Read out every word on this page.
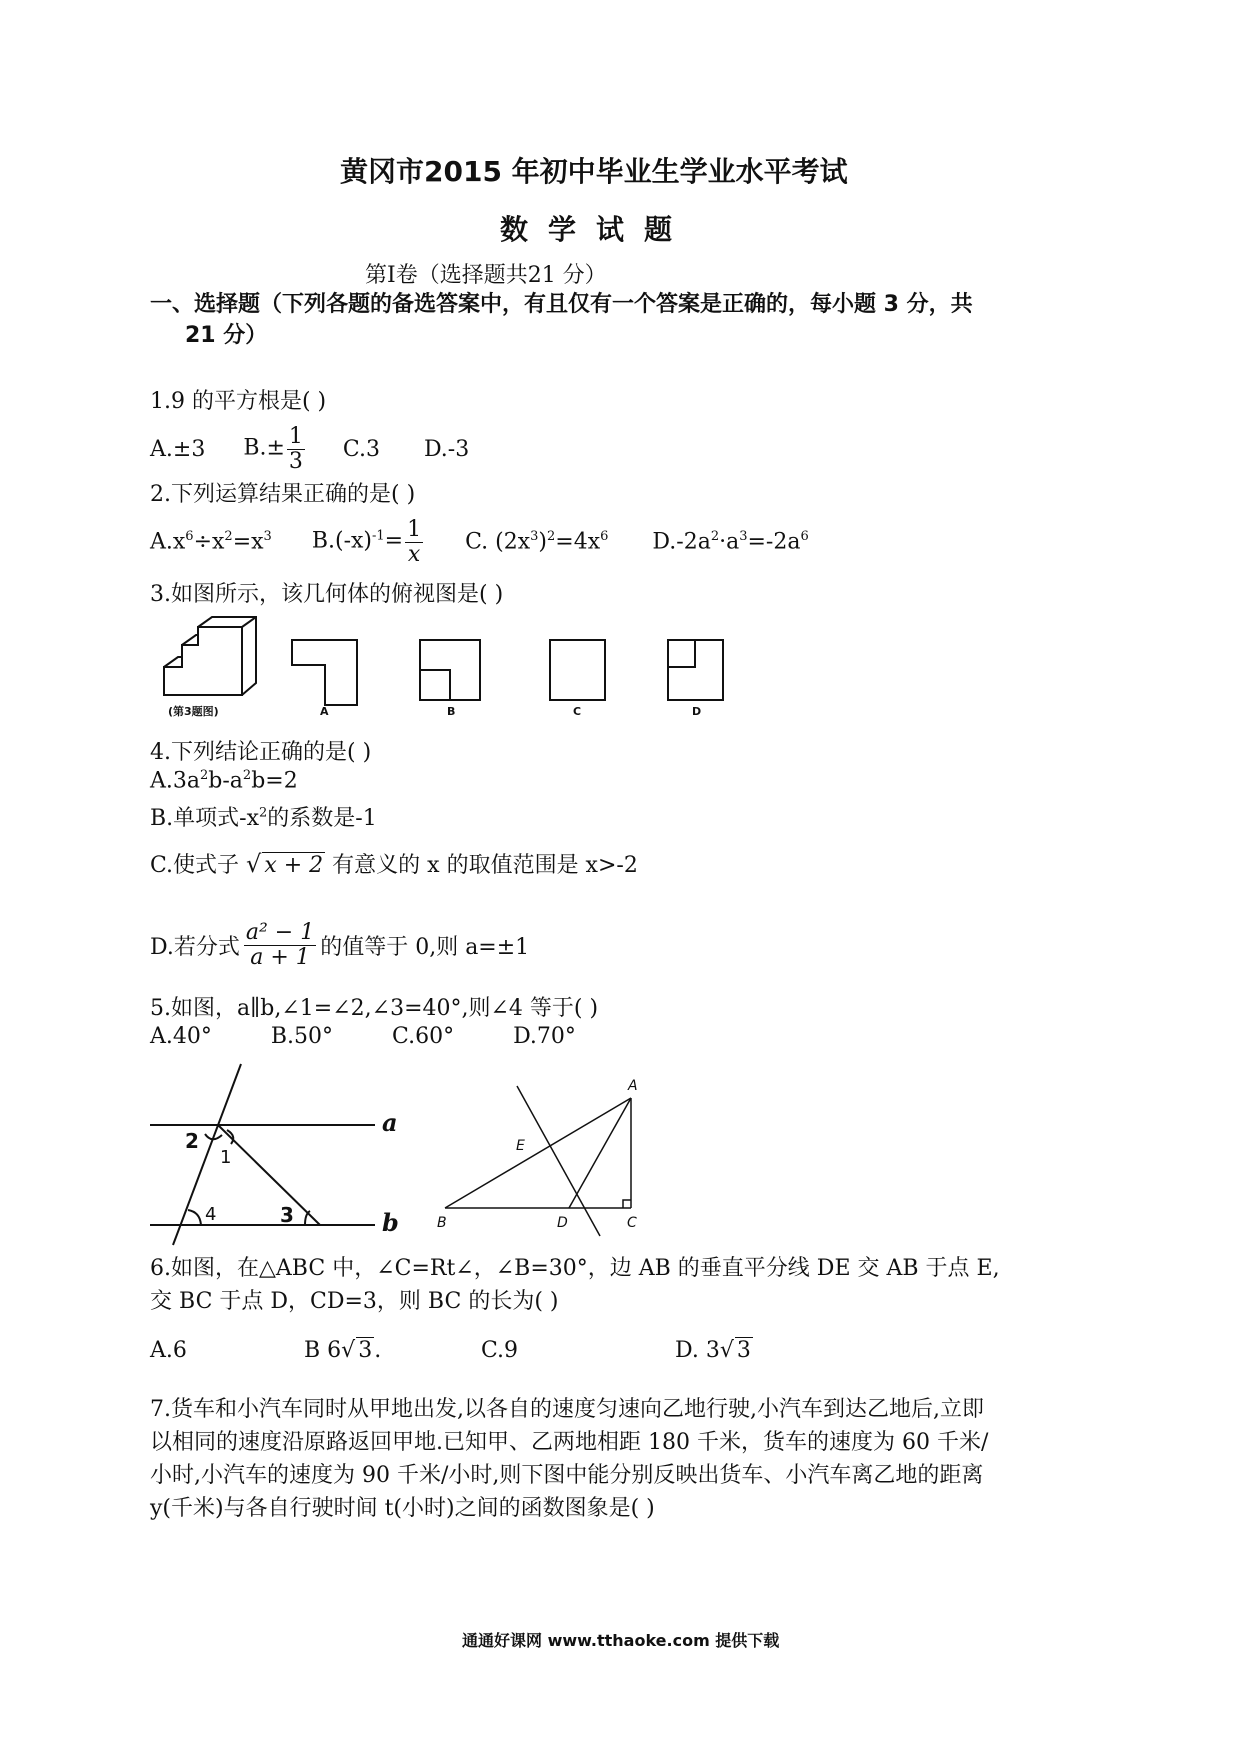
黄冈市2015 年初中毕业生学业水平考试
数学试题
第Ⅰ卷（选择题共21 分）
一、选择题（下列各题的备选答案中，有且仅有一个答案是正确的，每小题 3 分，共
21 分）
1.9 的平方根是( )
A.±3 $B.\pm \frac{1}{3} C.3$ D.-3
2.下列运算结果正确的是( )
$A.x^6\div x^2=x^3$ $B.(-x)^{-1}= \frac{1}{x} C$. $(2x^3)^2=4x^6$ $D.-2a^2\cdot a^3=-2a^6$
3.如图所示，该几何体的俯视图是( )
(第3题图)	A	B	C	D
4.下列结论正确的是( )
$A.3a^2b-a^2b=2$
B.单项式$-x^2$的系数是-1
C.使式子 √ x + 2 有意义的 x 的取值范围是 x>-2
D.若分式 $\frac{\text{a² − 1}}{a + 1}$ 的值等于 0,则 a=±1
5.如图，a∥b,∠1=∠2,∠3=40°,则∠4 等于( )
A.40°	B.50°	C.60°	D.70°
2
1
4	3
a
b
A
E
B	D	C
6.如图，在△ABC 中，∠C=Rt∠，∠B=30°，边 AB 的垂直平分线 DE 交 AB 于点 E,
交 BC 于点 D，CD=3，则 BC 的长为( )
A.6	B 6√ 3.	C.9	D. 3√ 3
7.货车和小汽车同时从甲地出发,以各自的速度匀速向乙地行驶,小汽车到达乙地后,立即
以相同的速度沿原路返回甲地.已知甲、乙两地相距 180 千米，货车的速度为 60 千米/
小时,小汽车的速度为 90 千米/小时,则下图中能分别反映出货车、小汽车离乙地的距离
y(千米)与各自行驶时间 t(小时)之间的函数图象是( )
通通好课网 www.tthaoke.com 提供下载
